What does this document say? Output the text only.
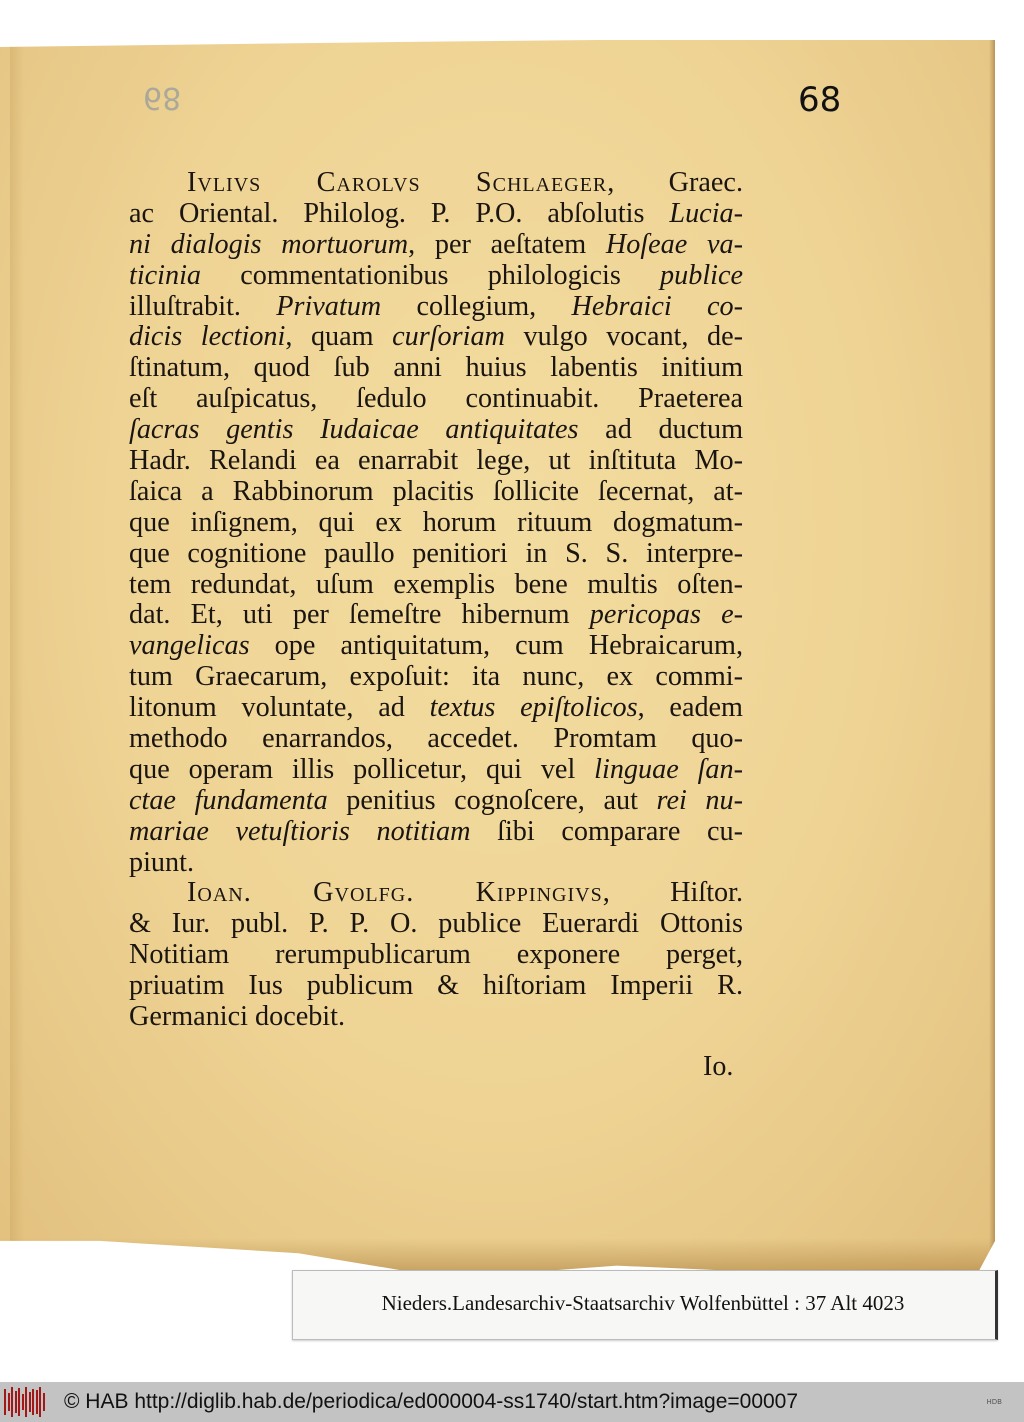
68	68
Ivlivs Carolvs Schlaeger, Graec.
ac Oriental. Philolog. P. P.O. abſolutis Lucia-
ni dialogis mortuorum, per aeſtatem Hoſeae va-
ticinia commentationibus philologicis publice
illuſtrabit. Privatum collegium, Hebraici co-
dicis lectioni, quam curſoriam vulgo vocant, de-
ſtinatum, quod ſub anni huius labentis initium
eſt auſpicatus, ſedulo continuabit. Praeterea
ſacras gentis Iudaicae antiquitates ad ductum
Hadr. Relandi ea enarrabit lege, ut inſtituta Mo-
ſaica a Rabbinorum placitis ſollicite ſecernat, at-
que inſignem, qui ex horum rituum dogmatum-
que cognitione paullo penitiori in S. S. interpre-
tem redundat, uſum exemplis bene multis oſten-
dat. Et, uti per ſemeſtre hibernum pericopas e-
vangelicas ope antiquitatum, cum Hebraicarum,
tum Graecarum, expoſuit: ita nunc, ex commi-
litonum voluntate, ad textus epiſtolicos, eadem
methodo enarrandos, accedet. Promtam quo-
que operam illis pollicetur, qui vel linguae ſan-
ctae fundamenta penitius cognoſcere, aut rei nu-
mariae vetuſtioris notitiam ſibi comparare cu-
piunt.
Ioan. Gvolfg. Kippingivs, Hiſtor.
& Iur. publ. P. P. O. publice Euerardi Ottonis
Notitiam rerumpublicarum exponere perget,
priuatim Ius publicum & hiſtoriam Imperii R.
Germanici docebit.
Io.
Nieders.Landesarchiv-Staatsarchiv Wolfenbüttel : 37 Alt 4023
© HAB http://diglib.hab.de/periodica/ed000004-ss1740/start.htm?image=00007	HDB
